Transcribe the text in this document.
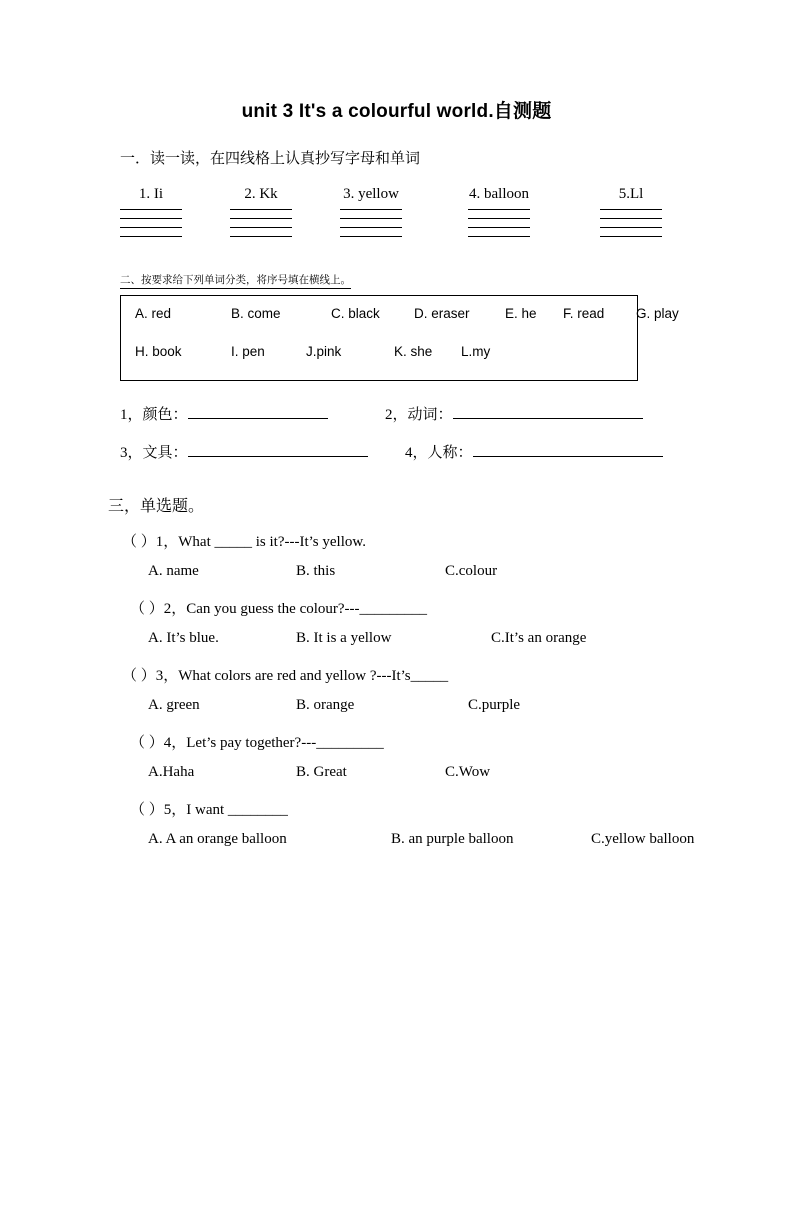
unit 3 It's a colourful world.自测题
一．读一读，在四线格上认真抄写字母和单词
1. Ii	2. Kk	3. yellow	4. balloon	5.Ll
二、按要求给下列单词分类，将序号填在横线上。
A. red	B. come	C. black	D. eraser	E. he F. read G. play
H. book	I. pen	J.pink	K. she L.my
1，颜色：	2，动词：
3，文具：	4，人称：
三，单选题。
（ ）1，What _____ is it?---It’s yellow.
A. name	B. this	C.colour
（ ）2，Can you guess the colour?---_________
A. It’s blue.	B. It is a yellow	C.It’s an orange
（ ）3，What colors are red and yellow ?---It’s_____
A. green	B. orange	C.purple
（ ）4，Let’s pay together?---_________
A.Haha	B. Great	C.Wow
（ ）5，I want ________
A. A an orange balloon	B. an purple balloon	C.yellow balloon
